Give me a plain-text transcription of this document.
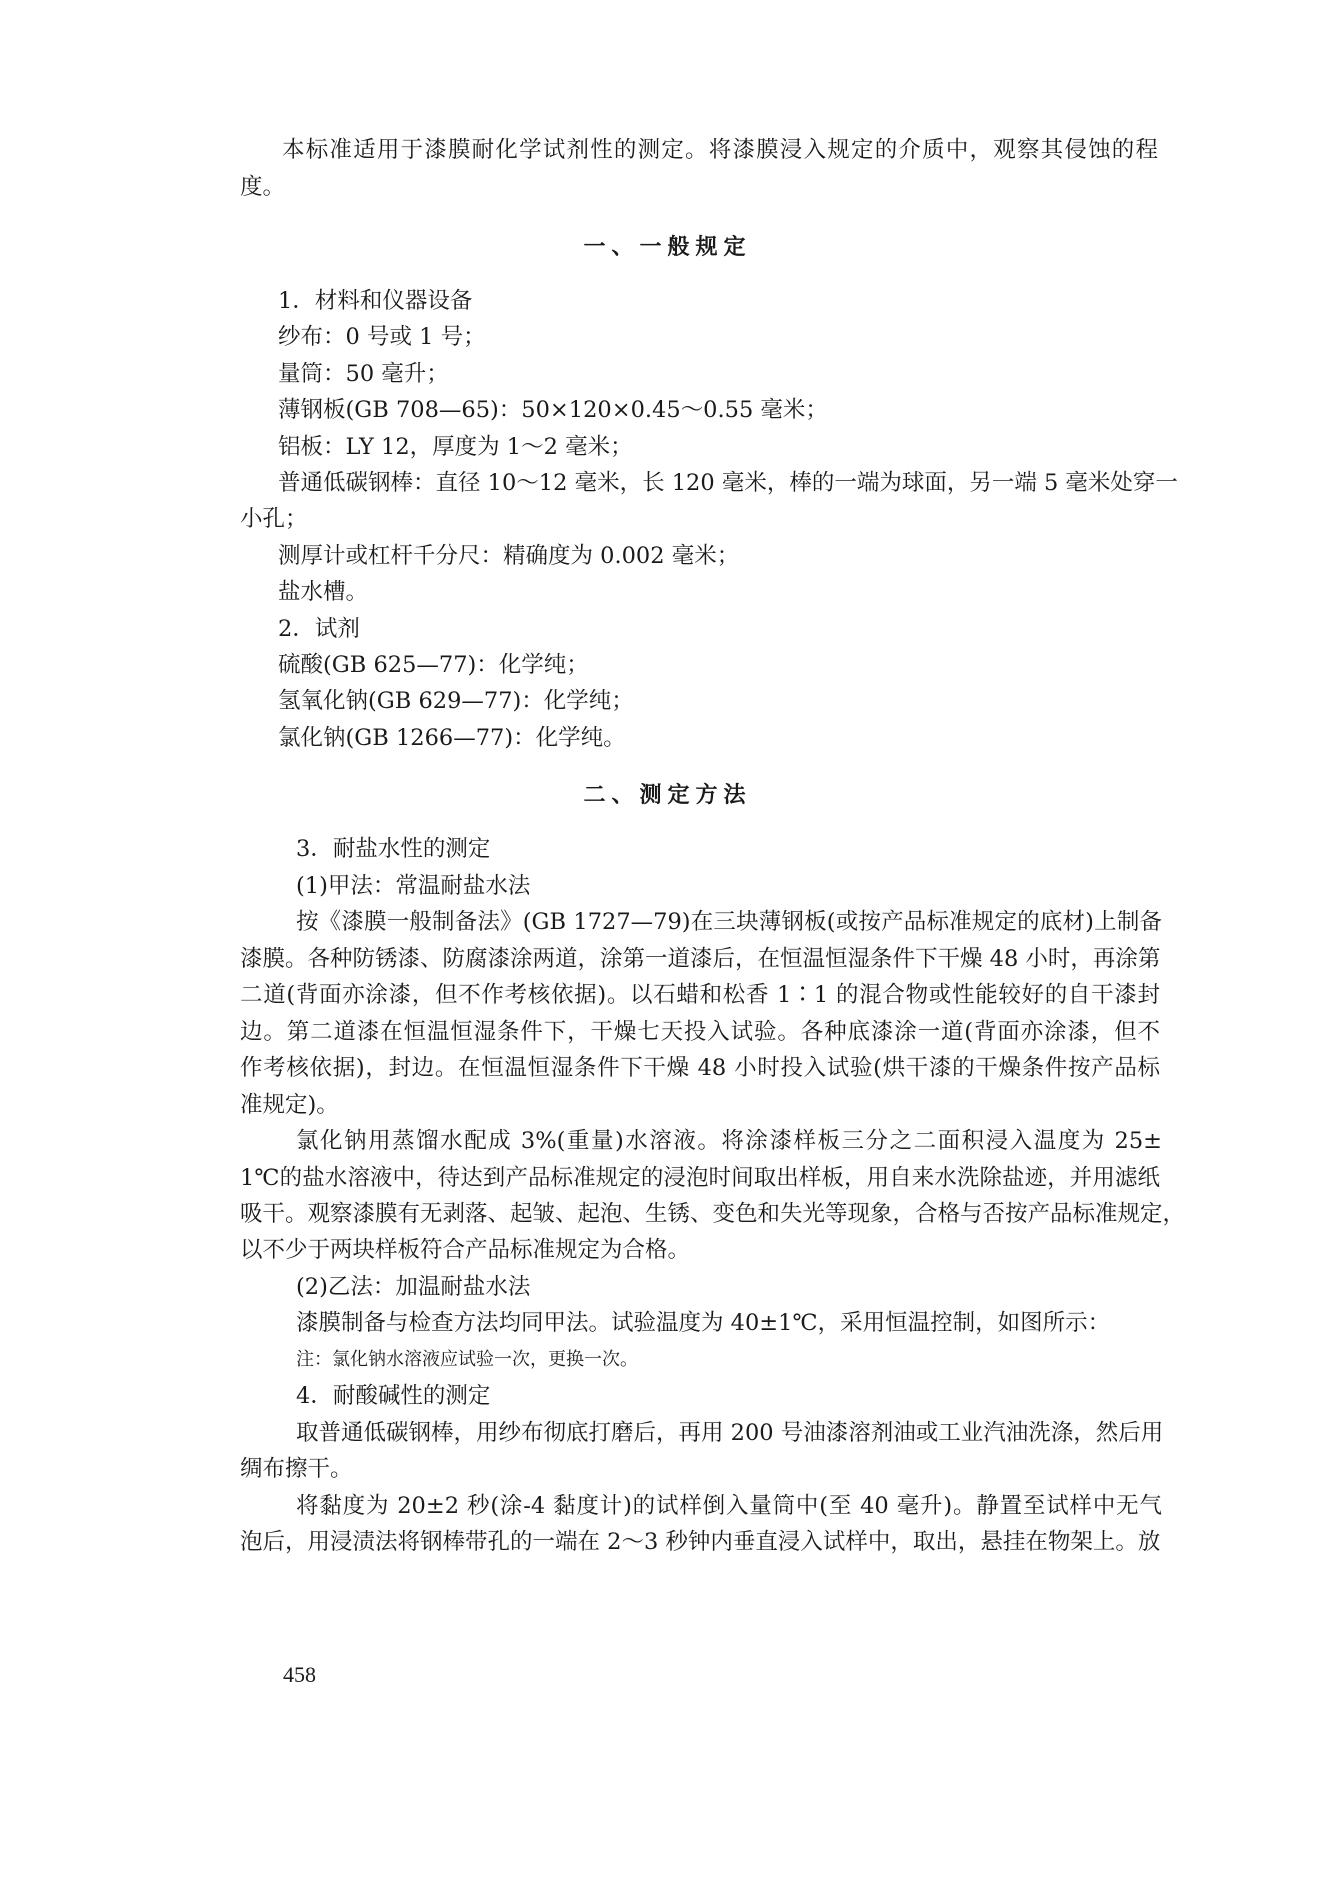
本标准适用于漆膜耐化学试剂性的测定。将漆膜浸入规定的介质中，观察其侵蚀的程

度。

一、一般规定

1．材料和仪器设备

纱布：0 号或 1 号；

量筒：50 毫升；

薄钢板(GB 708—65)：50×120×0.45～0.55 毫米；

铝板：LY 12，厚度为 1～2 毫米；

普通低碳钢棒：直径 10～12 毫米，长 120 毫米，棒的一端为球面，另一端 5 毫米处穿一

小孔；

测厚计或杠杆千分尺：精确度为 0.002 毫米；

盐水槽。

2．试剂

硫酸(GB 625—77)：化学纯；

氢氧化钠(GB 629—77)：化学纯；

氯化钠(GB 1266—77)：化学纯。

二、测定方法

3．耐盐水性的测定

(1)甲法：常温耐盐水法

按《漆膜一般制备法》(GB 1727—79)在三块薄钢板(或按产品标准规定的底材)上制备

漆膜。各种防锈漆、防腐漆涂两道，涂第一道漆后，在恒温恒湿条件下干燥 48 小时，再涂第

二道(背面亦涂漆，但不作考核依据)。以石蜡和松香 1∶1 的混合物或性能较好的自干漆封

边。第二道漆在恒温恒湿条件下，干燥七天投入试验。各种底漆涂一道(背面亦涂漆，但不

作考核依据)，封边。在恒温恒湿条件下干燥 48 小时投入试验(烘干漆的干燥条件按产品标

准规定)。

氯化钠用蒸馏水配成 3%(重量)水溶液。将涂漆样板三分之二面积浸入温度为 25±

1℃的盐水溶液中，待达到产品标准规定的浸泡时间取出样板，用自来水洗除盐迹，并用滤纸

吸干。观察漆膜有无剥落、起皱、起泡、生锈、变色和失光等现象，合格与否按产品标准规定，

以不少于两块样板符合产品标准规定为合格。

(2)乙法：加温耐盐水法

漆膜制备与检查方法均同甲法。试验温度为 40±1℃，采用恒温控制，如图所示：

注：氯化钠水溶液应试验一次，更换一次。

4．耐酸碱性的测定

取普通低碳钢棒，用纱布彻底打磨后，再用 200 号油漆溶剂油或工业汽油洗涤，然后用

绸布擦干。

将黏度为 20±2 秒(涂-4 黏度计)的试样倒入量筒中(至 40 毫升)。静置至试样中无气

泡后，用浸渍法将钢棒带孔的一端在 2～3 秒钟内垂直浸入试样中，取出，悬挂在物架上。放

458
